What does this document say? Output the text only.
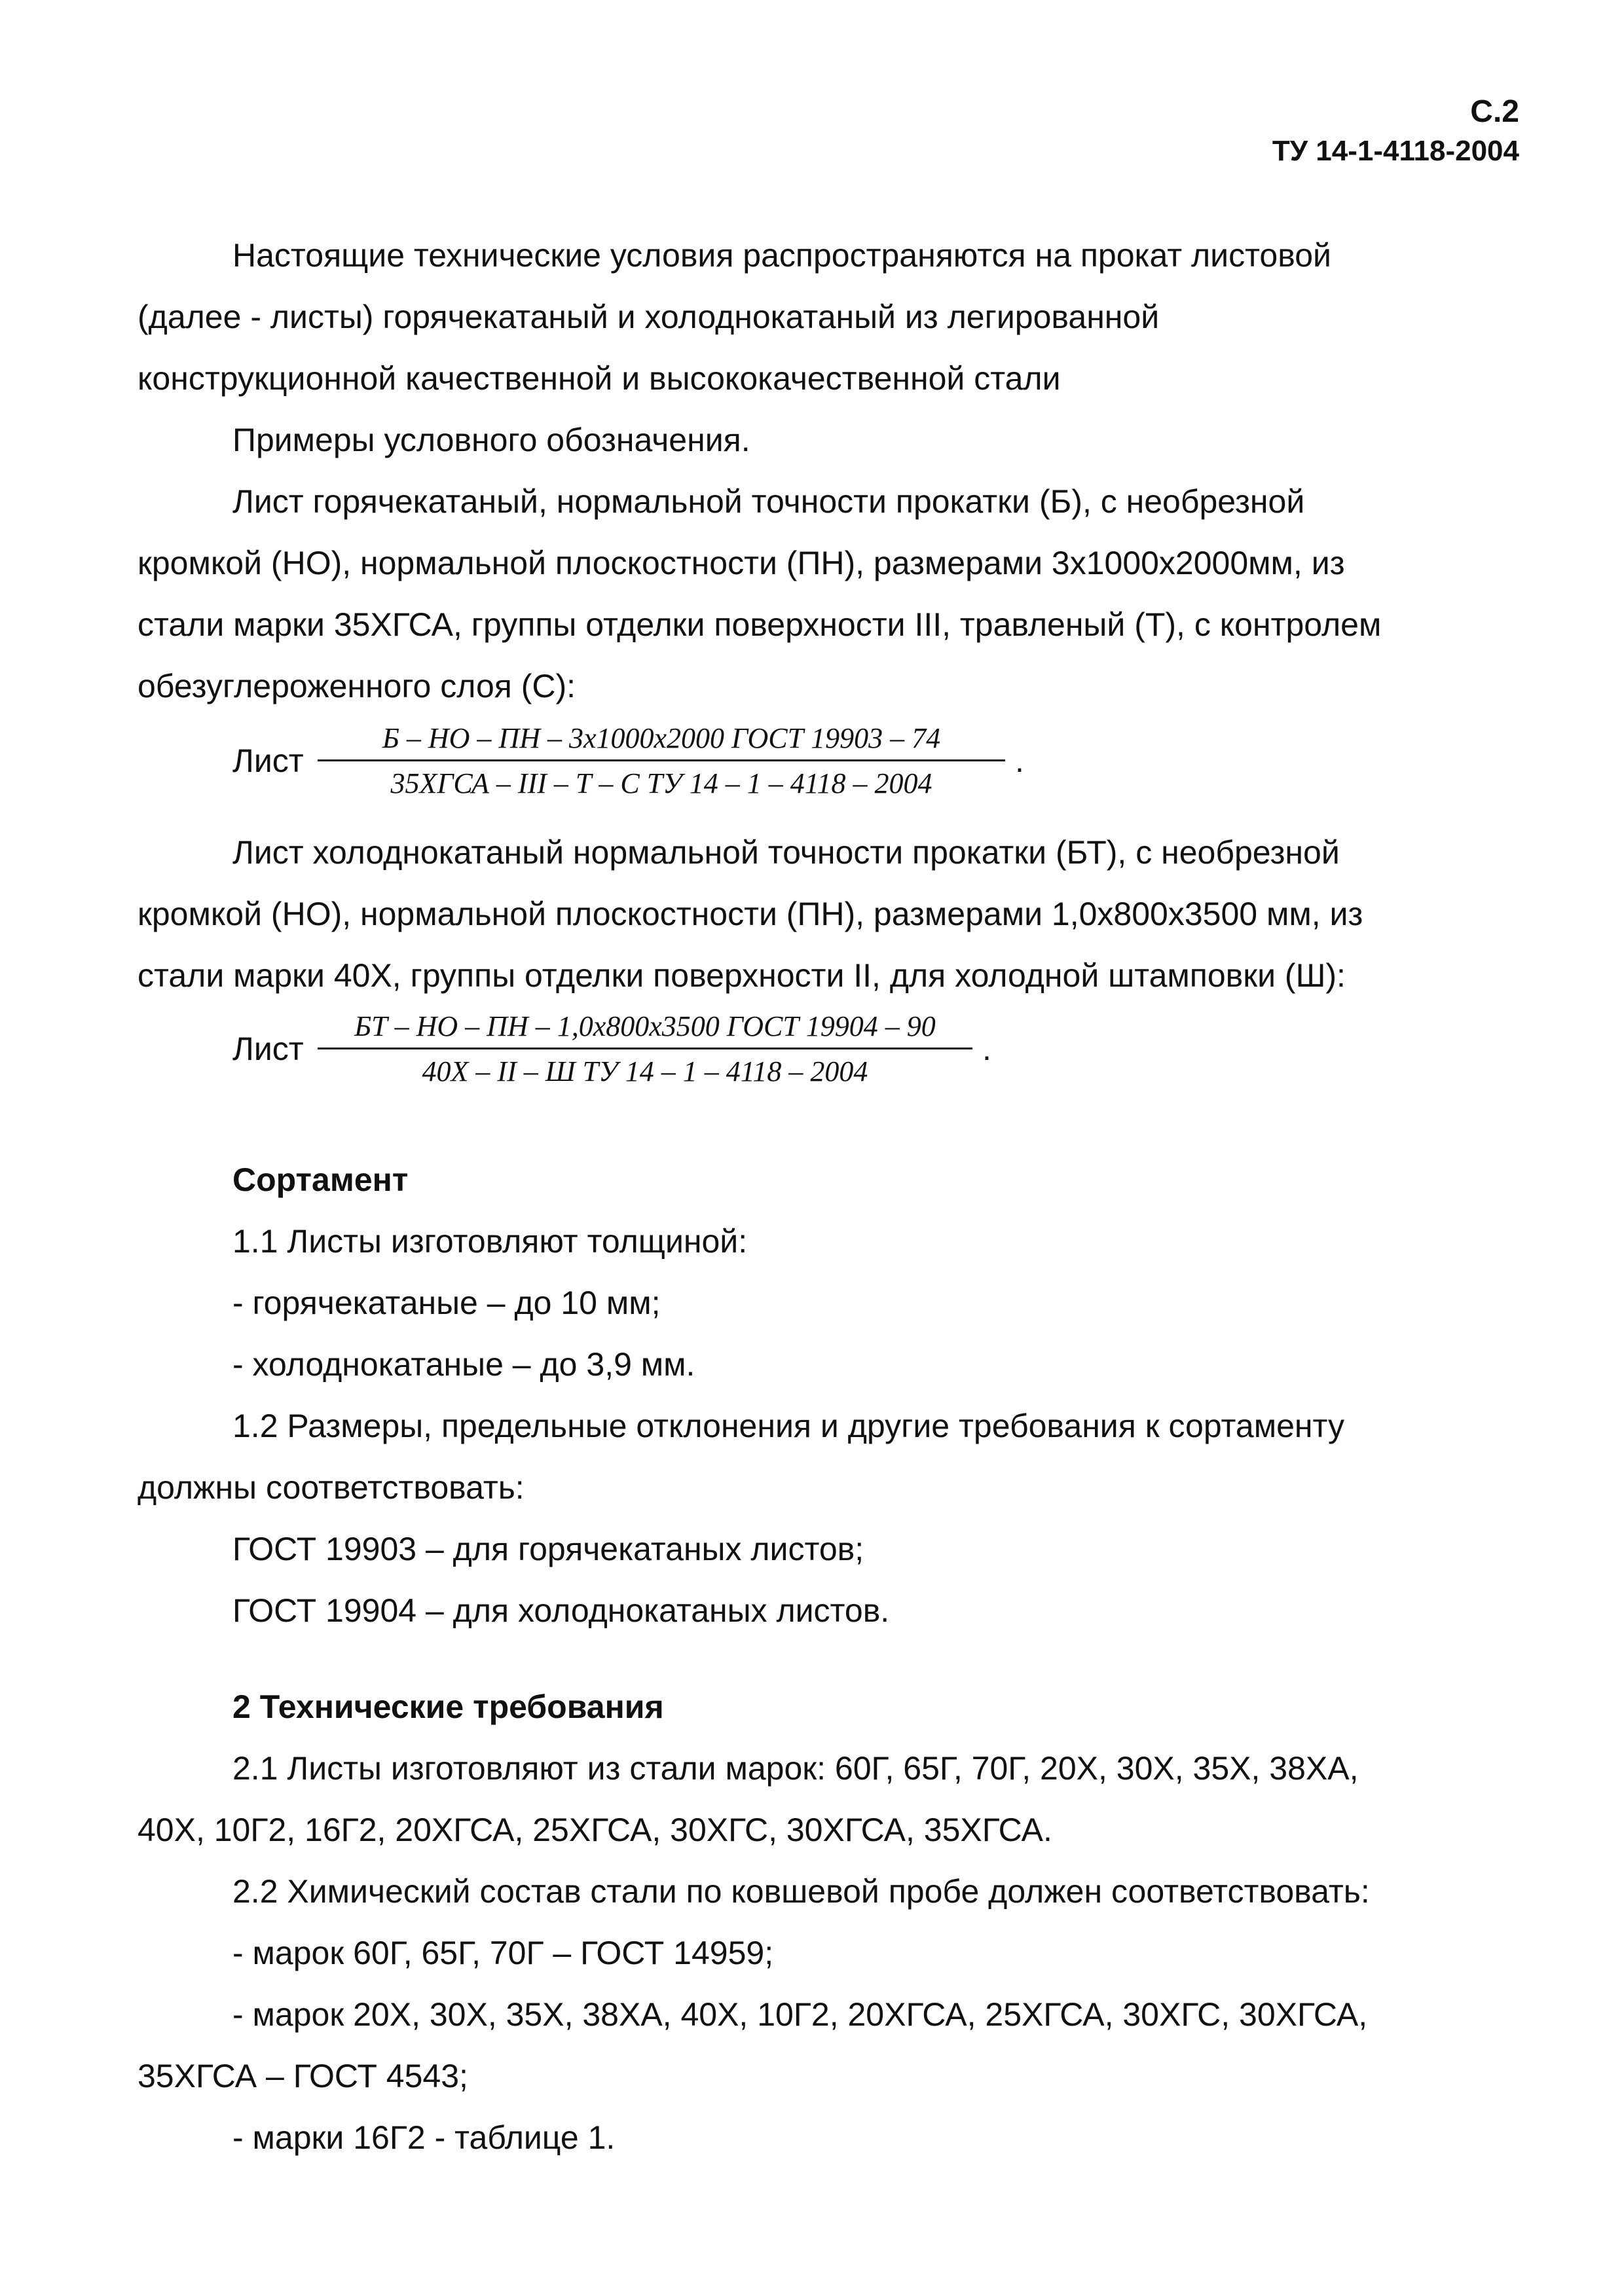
С.2
ТУ 14-1-4118-2004
Настоящие технические условия распространяются на прокат листовой
(далее - листы) горячекатаный и холоднокатаный из легированной
конструкционной качественной и высококачественной стали
Примеры условного обозначения.
Лист горячекатаный, нормальной точности прокатки (Б), с необрезной
кромкой (НО), нормальной плоскостности (ПН), размерами 3х1000х2000мм, из
стали марки 35ХГСА, группы отделки поверхности III, травленый (Т), с контролем
обезуглероженного слоя (С):
Лист
Б – НО – ПН – 3х1000х2000 ГОСТ 19903 – 74
35ХГСА – III – Т – С ТУ 14 – 1 – 4118 – 2004
.
Лист холоднокатаный нормальной точности прокатки (БТ), с необрезной
кромкой (НО), нормальной плоскостности (ПН), размерами 1,0х800х3500 мм, из
стали марки 40Х, группы отделки поверхности II, для холодной штамповки (Ш):
Лист
БТ – НО – ПН – 1,0х800х3500 ГОСТ 19904 – 90
40Х – II – Ш ТУ 14 – 1 – 4118 – 2004
.
Сортамент
1.1 Листы изготовляют толщиной:
- горячекатаные – до 10 мм;
- холоднокатаные – до 3,9 мм.
1.2 Размеры, предельные отклонения и другие требования к сортаменту
должны соответствовать:
ГОСТ 19903 – для горячекатаных листов;
ГОСТ 19904 – для холоднокатаных листов.
2 Технические требования
2.1 Листы изготовляют из стали марок: 60Г, 65Г, 70Г, 20Х, 30Х, 35Х, 38ХА,
40Х, 10Г2, 16Г2, 20ХГСА, 25ХГСА, 30ХГС, 30ХГСА, 35ХГСА.
2.2 Химический состав стали по ковшевой пробе должен соответствовать:
- марок 60Г, 65Г, 70Г – ГОСТ 14959;
- марок 20Х, 30Х, 35Х, 38ХА, 40Х, 10Г2, 20ХГСА, 25ХГСА, 30ХГС, 30ХГСА,
35ХГСА – ГОСТ 4543;
- марки 16Г2 - таблице 1.
